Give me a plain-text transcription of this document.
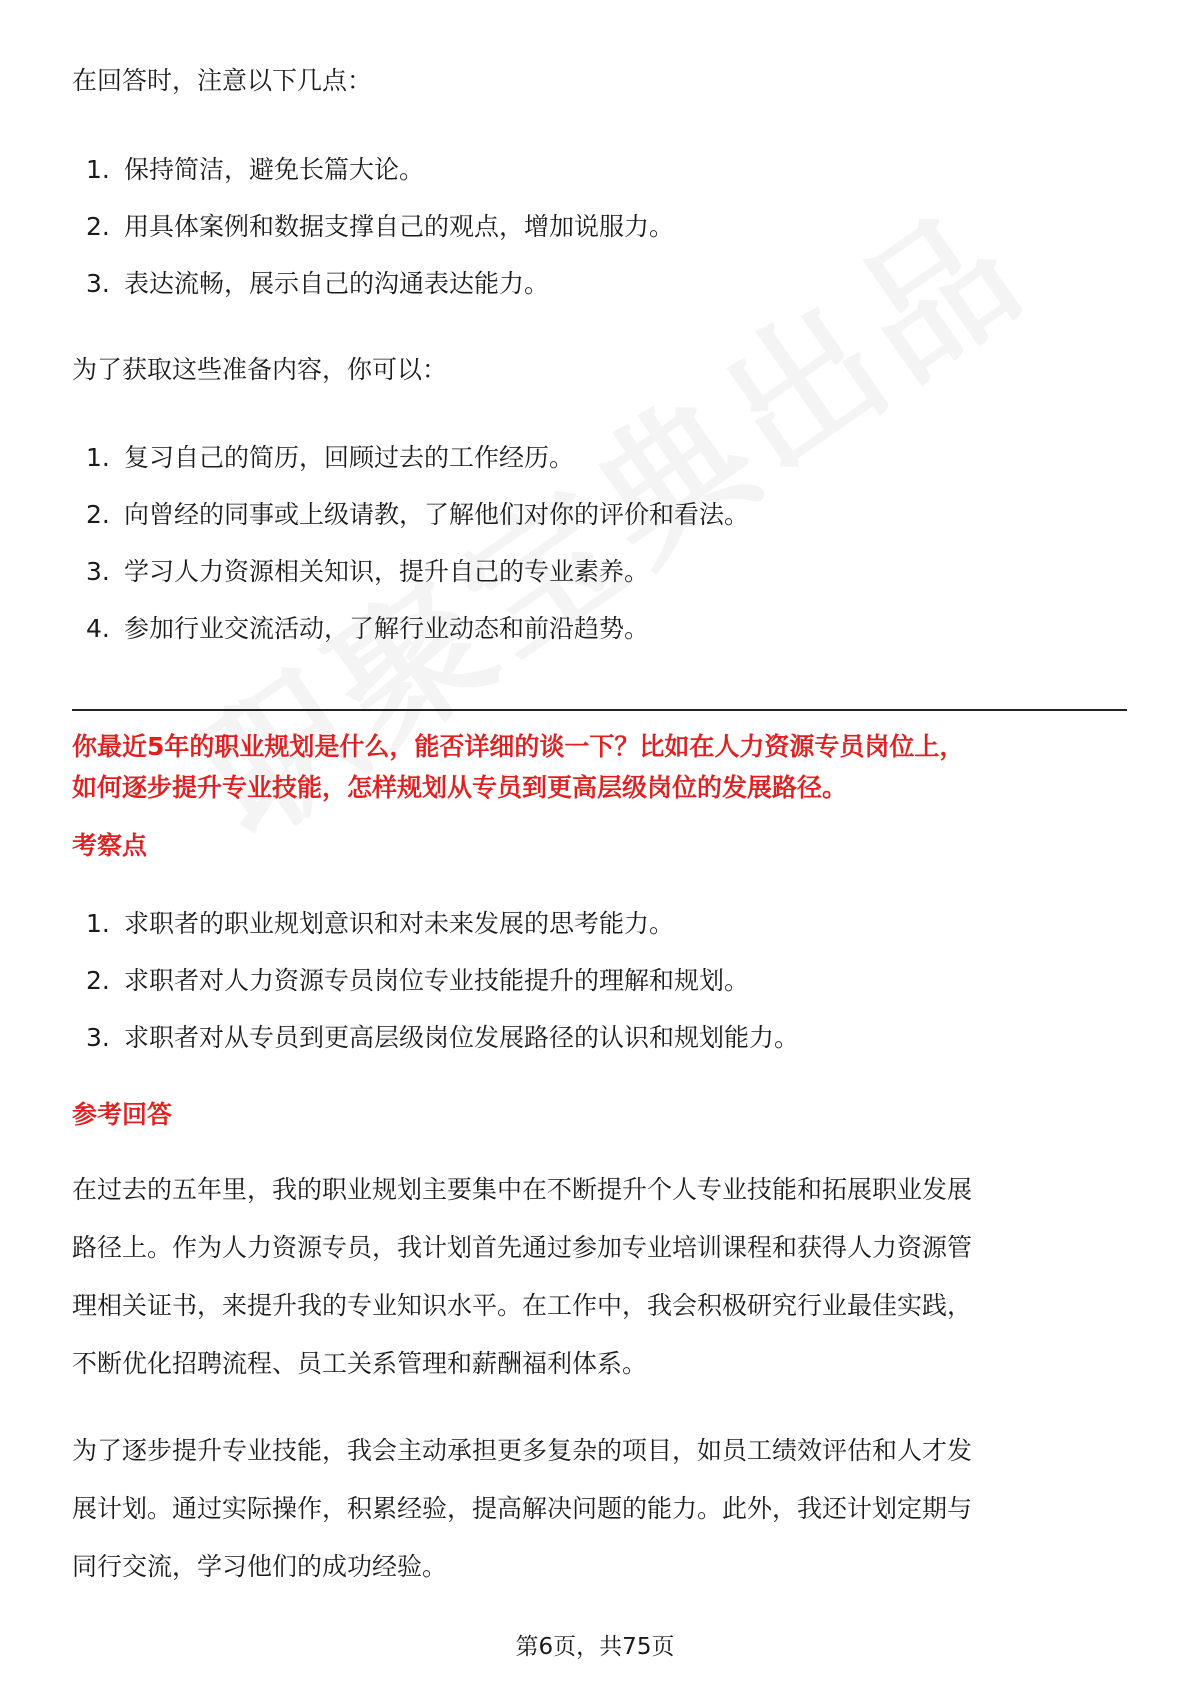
在回答时，注意以下几点：

1. 保持简洁，避免长篇大论。
2. 用具体案例和数据支撑自己的观点，增加说服力。
3. 表达流畅，展示自己的沟通表达能力。

为了获取这些准备内容，你可以：

1. 复习自己的简历，回顾过去的工作经历。
2. 向曾经的同事或上级请教，了解他们对你的评价和看法。
3. 学习人力资源相关知识，提升自己的专业素养。
4. 参加行业交流活动，了解行业动态和前沿趋势。
你最近5年的职业规划是什么，能否详细的谈一下？比如在人力资源专员岗位上，
如何逐步提升专业技能，怎样规划从专员到更高层级岗位的发展路径。
考察点
1. 求职者的职业规划意识和对未来发展的思考能力。
2. 求职者对人力资源专员岗位专业技能提升的理解和规划。
3. 求职者对从专员到更高层级岗位发展路径的认识和规划能力。
参考回答
在过去的五年里，我的职业规划主要集中在不断提升个人专业技能和拓展职业发展
路径上。作为人力资源专员，我计划首先通过参加专业培训课程和获得人力资源管
理相关证书，来提升我的专业知识水平。在工作中，我会积极研究行业最佳实践，
不断优化招聘流程、员工关系管理和薪酬福利体系。
为了逐步提升专业技能，我会主动承担更多复杂的项目，如员工绩效评估和人才发
展计划。通过实际操作，积累经验，提高解决问题的能力。此外，我还计划定期与
同行交流，学习他们的成功经验。
第6页，共75页
